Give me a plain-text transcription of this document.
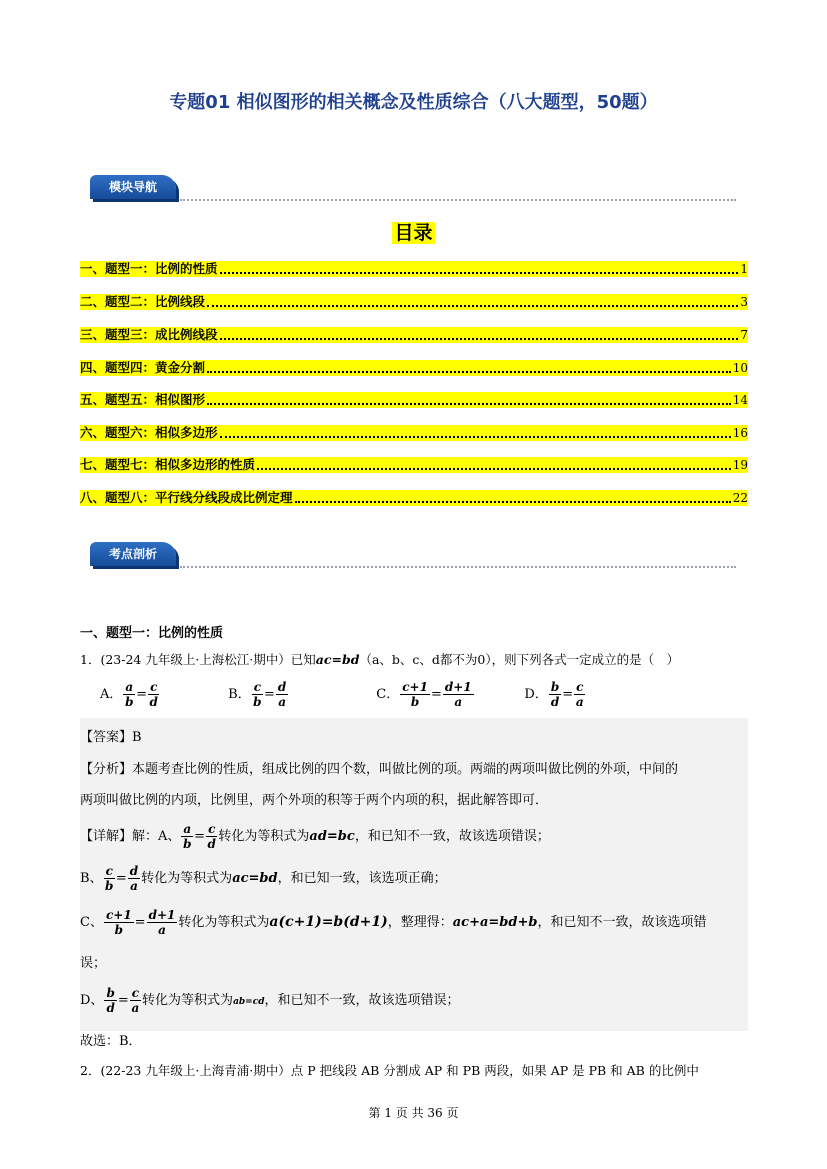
专题01 相似图形的相关概念及性质综合（八大题型，50题）
模块导航
目录
一、题型一：比例的性质	1
二、题型二：比例线段	3
三、题型三：成比例线段	7
四、题型四：黄金分割	10
五、题型五：相似图形	14
六、题型六：相似多边形	16
七、题型七：相似多边形的性质	19
八、题型八：平行线分线段成比例定理	22
考点剖析
一、题型一：比例的性质
1．(23-24 九年级上·上海松江·期中）已知ac=bd（a、b、c、d都不为0），则下列各式一定成立的是（　）
A． $\frac{a}{b} = \frac{c}{d}$	B． $\frac{c}{b} = \frac{d}{a}$	C． $\frac{c+1}{b} = \frac{d+1}{a}$	D． $\frac{b}{d} = \frac{c}{a}$
【答案】B
【分析】本题考查比例的性质，组成比例的四个数，叫做比例的项。两端的两项叫做比例的外项，中间的
两项叫做比例的内项，比例里，两个外项的积等于两个内项的积，据此解答即可．
【详解】解：A、 $\frac{a}{b} = \frac{c}{d}$ 转化为等积式为ad=bc，和已知不一致，故该选项错误；
B、 $\frac{c}{b} = \frac{d}{a}$ 转化为等积式为ac=bd，和已知一致，该选项正确；
C、 $\frac{c+1}{b} = \frac{d+1}{a}$ 转化为等积式为a(c+1)=b(d+1)，整理得：ac+a=bd+b，和已知不一致，故该选项错
误；
D、 $\frac{b}{d} = \frac{c}{a}$ 转化为等积式为ab=cd，和已知不一致，故该选项错误；
故选：B．
2．(22-23 九年级上·上海青浦·期中）点 P 把线段 AB 分割成 AP 和 PB 两段，如果 AP 是 PB 和 AB 的比例中
第 1 页 共 36 页
